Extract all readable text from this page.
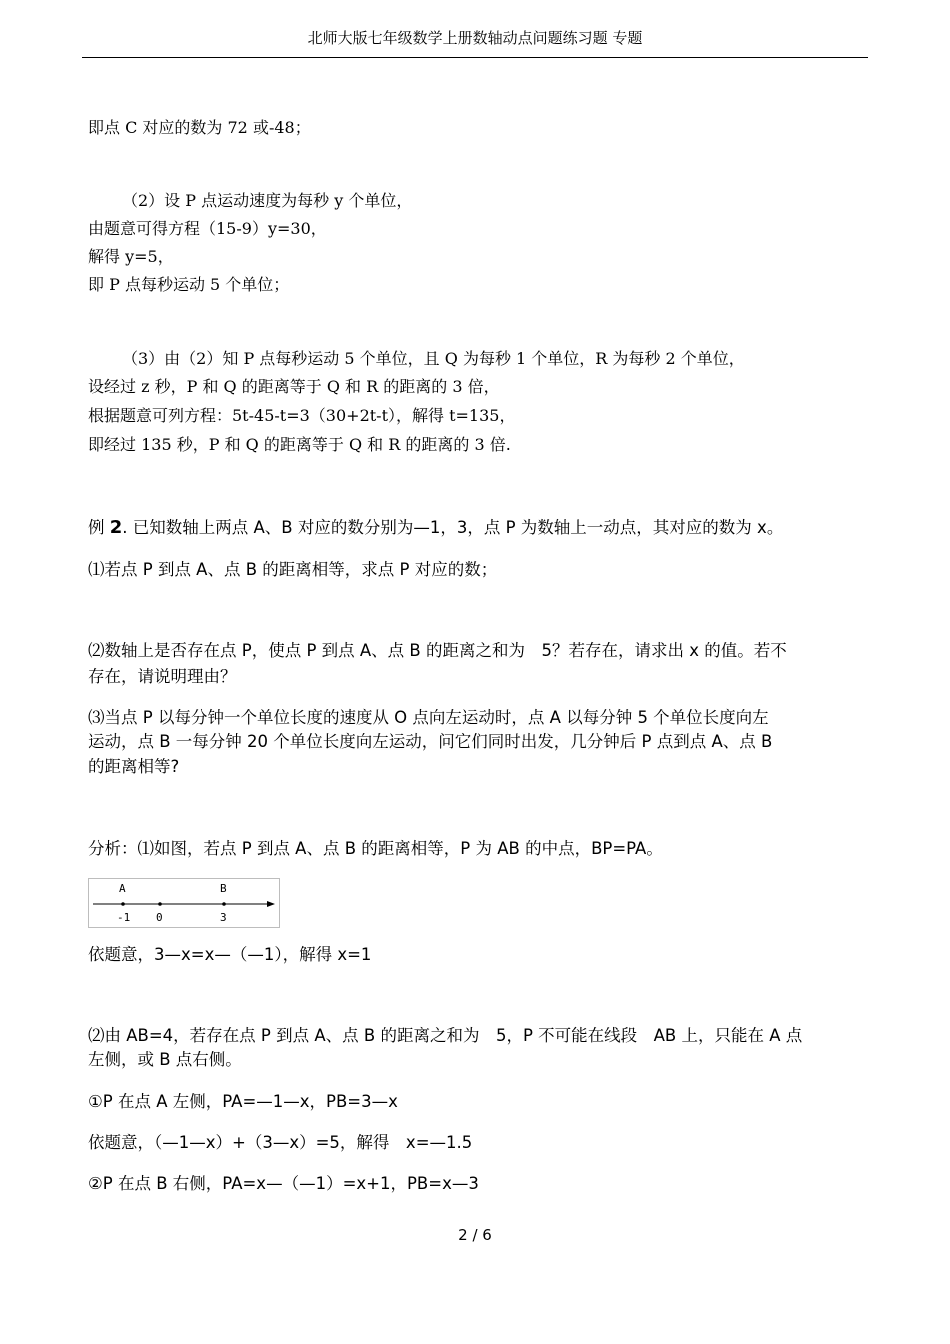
北师大版七年级数学上册数轴动点问题练习题 专题
即点 C 对应的数为 72 或-48；
（2）设 P 点运动速度为每秒 y 个单位，
由题意可得方程（15-9）y=30，
解得 y=5，
即 P 点每秒运动 5 个单位；
（3）由（2）知 P 点每秒运动 5 个单位，且 Q 为每秒 1 个单位，R 为每秒 2 个单位，
设经过 z 秒，P 和 Q 的距离等于 Q 和 R 的距离的 3 倍，
根据题意可列方程：5t-45-t=3（30+2t-t），解得 t=135，
即经过 135 秒，P 和 Q 的距离等于 Q 和 R 的距离的 3 倍.
例 2. 已知数轴上两点 A、B 对应的数分别为—1，3，点 P 为数轴上一动点，其对应的数为 x。
⑴若点 P 到点 A、点 B 的距离相等，求点 P 对应的数；
⑵数轴上是否存在点 P，使点 P 到点 A、点 B 的距离之和为　5？若存在，请求出 x 的值。若不
存在，请说明理由？
⑶当点 P 以每分钟一个单位长度的速度从 O 点向左运动时，点 A 以每分钟 5 个单位长度向左
运动，点 B 一每分钟 20 个单位长度向左运动，问它们同时出发，几分钟后 P 点到点 A、点 B
的距离相等?
分析：⑴如图，若点 P 到点 A、点 B 的距离相等，P 为 AB 的中点，BP=PA。
A	B
-1 0	3
依题意，3—x=x—（—1），解得 x=1
⑵由 AB=4，若存在点 P 到点 A、点 B 的距离之和为　5，P 不可能在线段　AB 上，只能在 A 点
左侧，或 B 点右侧。
①P 在点 A 左侧，PA=—1—x，PB=3—x
依题意，（—1—x）+（3—x）=5，解得　x=—1.5
②P 在点 B 右侧，PA=x—（—1）=x+1，PB=x—3
2 / 6
